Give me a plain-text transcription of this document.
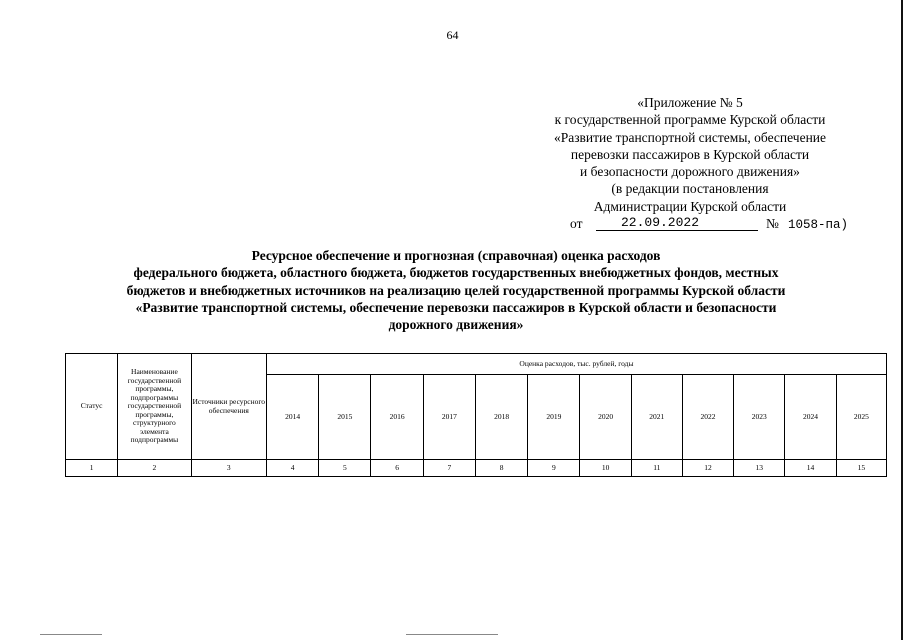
64
«Приложение № 5
к государственной программе Курской области
«Развитие транспортной системы, обеспечение
перевозки пассажиров в Курской области
и безопасности дорожного движения»
(в редакции постановления
Администрации Курской области
от	22.09.2022	№ 1058-па)
Ресурсное обеспечение и прогнозная (справочная) оценка расходов
федерального бюджета, областного бюджета, бюджетов государственных внебюджетных фондов, местных
бюджетов и внебюджетных источников на реализацию целей государственной программы Курской области
«Развитие транспортной системы, обеспечение перевозки пассажиров в Курской области и безопасности
дорожного движения»
Статус	Наименование государственной программы, подпрограммы государственной программы, структурного элемента подпрограммы	Источники ресурсного обеспечения	Оценка расходов, тыс. рублей, годы											
			2014	2015	2016	2017	2018	2019	2020	2021	2022	2023	2024	2025
1	2	3	4	5	6	7	8	9	10	11	12	13	14	15
